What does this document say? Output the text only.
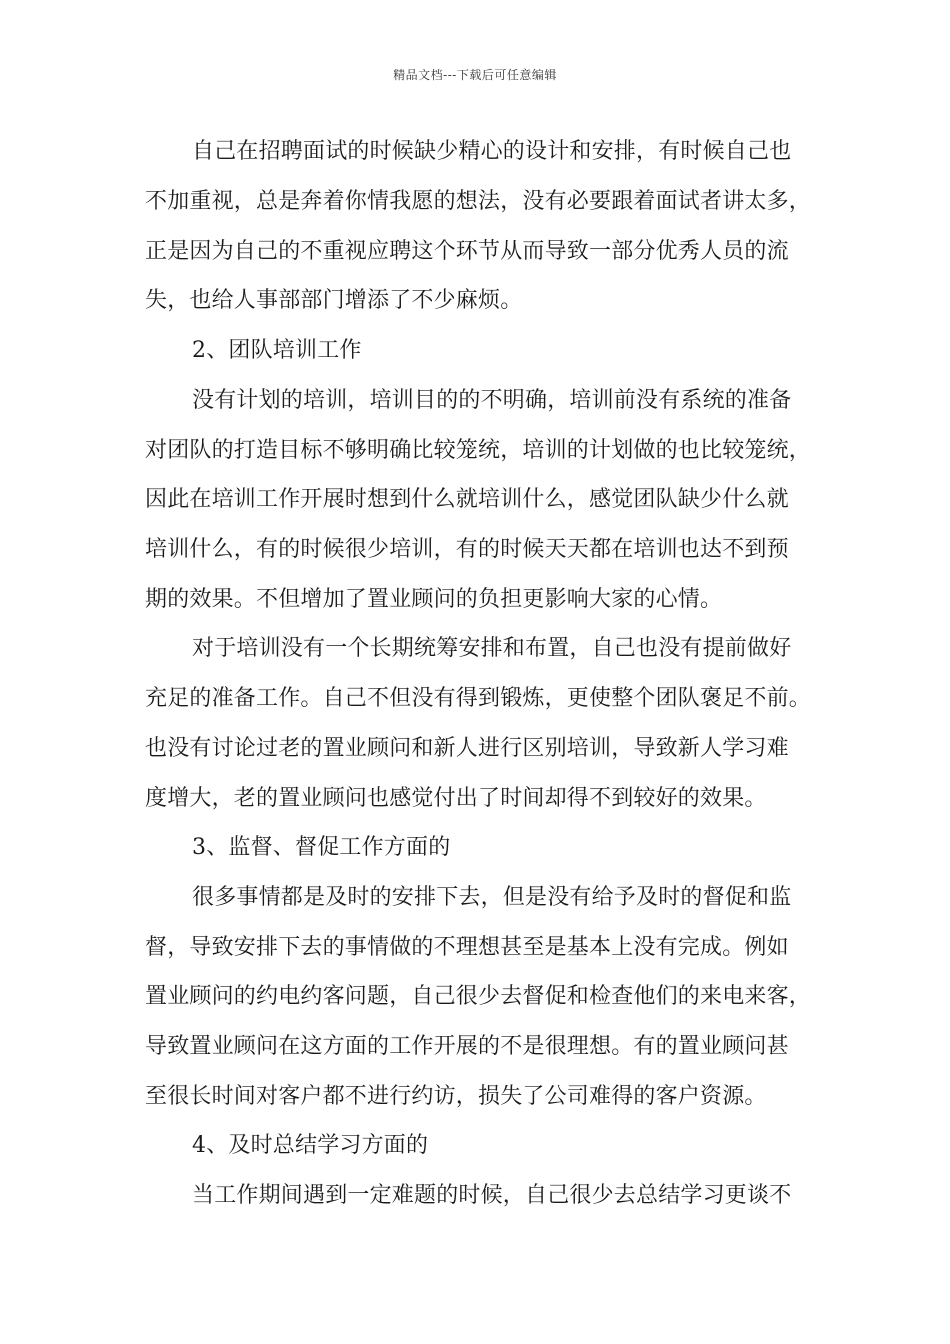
精品文档---下载后可任意编辑
自己在招聘面试的时候缺少精心的设计和安排，有时候自己也
不加重视，总是奔着你情我愿的想法，没有必要跟着面试者讲太多，
正是因为自己的不重视应聘这个环节从而导致一部分优秀人员的流
失，也给人事部部门增添了不少麻烦。
2、团队培训工作
没有计划的培训，培训目的的不明确，培训前没有系统的准备
对团队的打造目标不够明确比较笼统，培训的计划做的也比较笼统，
因此在培训工作开展时想到什么就培训什么，感觉团队缺少什么就
培训什么，有的时候很少培训，有的时候天天都在培训也达不到预
期的效果。不但增加了置业顾问的负担更影响大家的心情。
对于培训没有一个长期统筹安排和布置，自己也没有提前做好
充足的准备工作。自己不但没有得到锻炼，更使整个团队褒足不前。
也没有讨论过老的置业顾问和新人进行区别培训，导致新人学习难
度增大，老的置业顾问也感觉付出了时间却得不到较好的效果。
3、监督、督促工作方面的
很多事情都是及时的安排下去，但是没有给予及时的督促和监
督，导致安排下去的事情做的不理想甚至是基本上没有完成。例如
置业顾问的约电约客问题，自己很少去督促和检查他们的来电来客，
导致置业顾问在这方面的工作开展的不是很理想。有的置业顾问甚
至很长时间对客户都不进行约访，损失了公司难得的客户资源。
4、及时总结学习方面的
当工作期间遇到一定难题的时候，自己很少去总结学习更谈不
